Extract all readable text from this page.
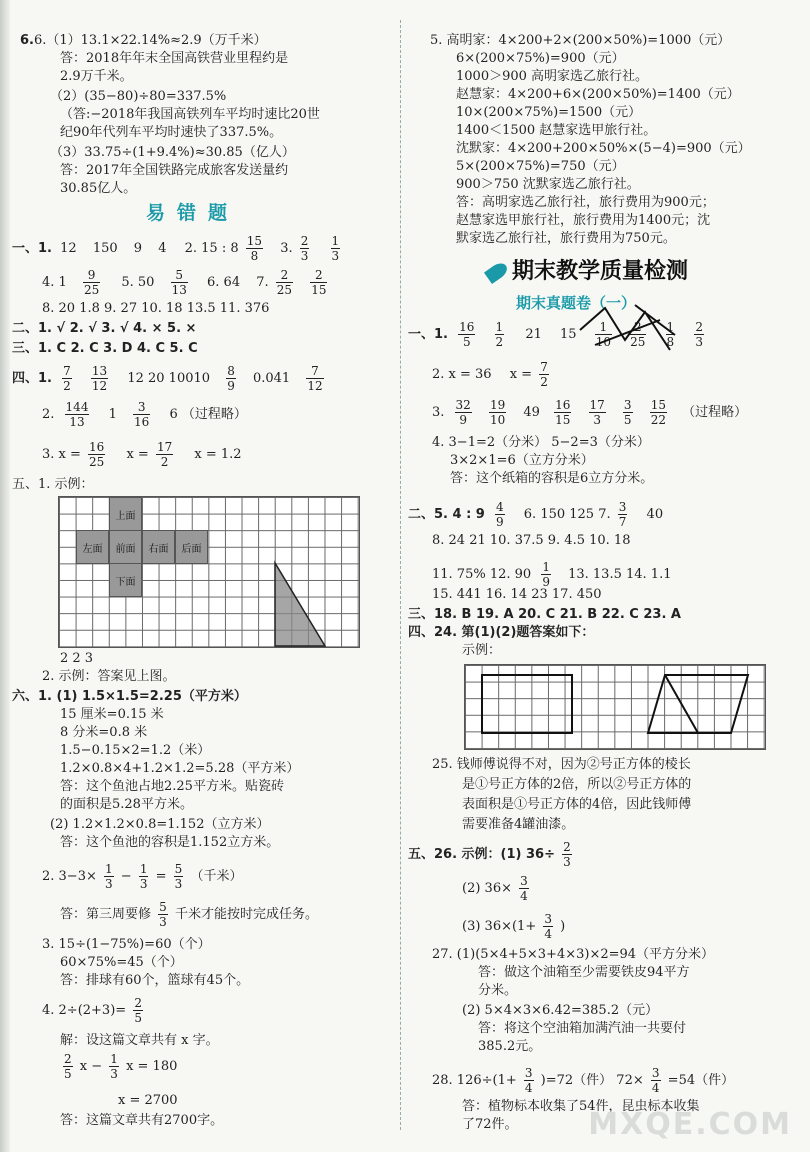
6.6.（1）13.1×22.14%≈2.9（万千米）
答：2018年年末全国高铁营业里程约是
2.9万千米。
（2）(35−80)÷80=337.5%
（答:−2018年我国高铁列车平均时速比20世
纪90年代列车平均时速快了337.5%。
（3）33.75÷(1+9.4%)≈30.85（亿人）
答：2017年全国铁路完成旅客发送量约
30.85亿人。
易错题
一、1. 12 150 9 4 2. 15 : $8 \frac{15}{8} 3$. $\frac{2}{3}$
$\frac{1}{3}$
4. $1 \frac{9}{25} 5$. $50 \frac{5}{13} 6$. 64 7. $\frac{2}{25}$
$\frac{2}{15}$
8. 20 1.8 9. 27 10. 18 13.5 11. 376
二、1. √ 2. √ 3. √ 4. × 5. ×
三、1. C 2. C 3. D 4. C 5. C
四、1. $\frac{7}{2}$
$\frac{13}{12} 12$ 20 $10010 \frac{8}{9} 0.041 \frac{7}{12}$
2. $\frac{144}{13} 1 \frac{3}{16} 6$ （过程略）
3. $x = \frac{16}{25}$ $x = \frac{17}{2}$ x = 1.2
五、1. 示例：
上面
左面	前面	右面	后面
下面
2 2 3
2. 示例：答案见上图。
六、1. (1) 1.5×1.5=2.25（平方米）
15 厘米=0.15 米
8 分米=0.8 米
1.5−0.15×2=1.2（米）
1.2×0.8×4+1.2×1.2=5.28（平方米）
答：这个鱼池占地2.25平方米。贴瓷砖
的面积是5.28平方米。
(2) 1.2×1.2×0.8=1.152（立方米）
答：这个鱼池的容积是1.152立方米。
2. $3-3\times \frac{1}{3} - \frac{1}{3} = \frac{5}{3}$ （千米）
答：第三周要修 $\frac{5}{3}$ 千米才能按时完成任务。
3. 15÷(1−75%)=60（个）
60×75%=45（个）
答：排球有60个，篮球有45个。
4. $2\div(2+3)= \frac{2}{5}$
解：设这篇文章共有 x 字。
$\frac{2}{5}$ $x - \frac{1}{3}$ x = 180
x = 2700
答：这篇文章共有2700字。
5. 高明家：4×200+2×(200×50%)=1000（元）
6×(200×75%)=900（元）
1000＞900 高明家选乙旅行社。
赵慧家：4×200+6×(200×50%)=1400（元）
10×(200×75%)=1500（元）
1400＜1500 赵慧家选甲旅行社。
沈默家：4×200+200×50%×(5−4)=900（元）
5×(200×75%)=750（元）
900＞750 沈默家选乙旅行社。
答：高明家选乙旅行社，旅行费用为900元；
赵慧家选甲旅行社，旅行费用为1400元；沈
默家选乙旅行社，旅行费用为750元。
期末教学质量检测
期末真题卷（一）
一、1. $\frac{16}{5}$
$\frac{1}{2} 21$ $15 \frac{1}{10}$
$\frac{2}{25}$
$\frac{1}{8}$
$\frac{2}{3}$
2. x = 36 $x = \frac{7}{2}$
3. $\frac{32}{9}$
$\frac{19}{10} 49 \frac{16}{15}$
$\frac{17}{3}$
$\frac{3}{5}$
$\frac{15}{22}$ （过程略）
4. 3−1=2（分米） 5−2=3（分米）
3×2×1=6（立方分米）
答：这个纸箱的容积是6立方分米。
二、5. 4 : $9 \frac{4}{9} 6$. 150 125 7. $\frac{3}{7} 40$
8. 24 21 10. 37.5 9. 4.5 10. 18
11. 75% 12. $90 \frac{1}{9} 13$. 13.5 14. 1.1
15. 441 16. 14 23 17. 450
三、18. B 19. A 20. C 21. B 22. C 23. A
四、24. 第(1)(2)题答案如下：
示例：
25. 钱师傅说得不对，因为②号正方体的棱长
是①号正方体的2倍，所以②号正方体的
表面积是①号正方体的4倍，因此钱师傅
需要准备4罐油漆。
五、26. 示例：(1) $36\div \frac{2}{3}$
(2) $36\times \frac{3}{4}$
(3) $36\times(1+ \frac{3}{4}$ )
27. (1)(5×4+5×3+4×3)×2=94（平方分米）
答：做这个油箱至少需要铁皮94平方
分米。
(2) 5×4×3×6.42=385.2（元）
答：将这个空油箱加满汽油一共要付
385.2元。
28. $126\div(1+ \frac{3}{4} )=72$（件） $72\times \frac{3}{4} =54$（件）
答：植物标本收集了54件，昆虫标本收集
了72件。 MXQE.COM
